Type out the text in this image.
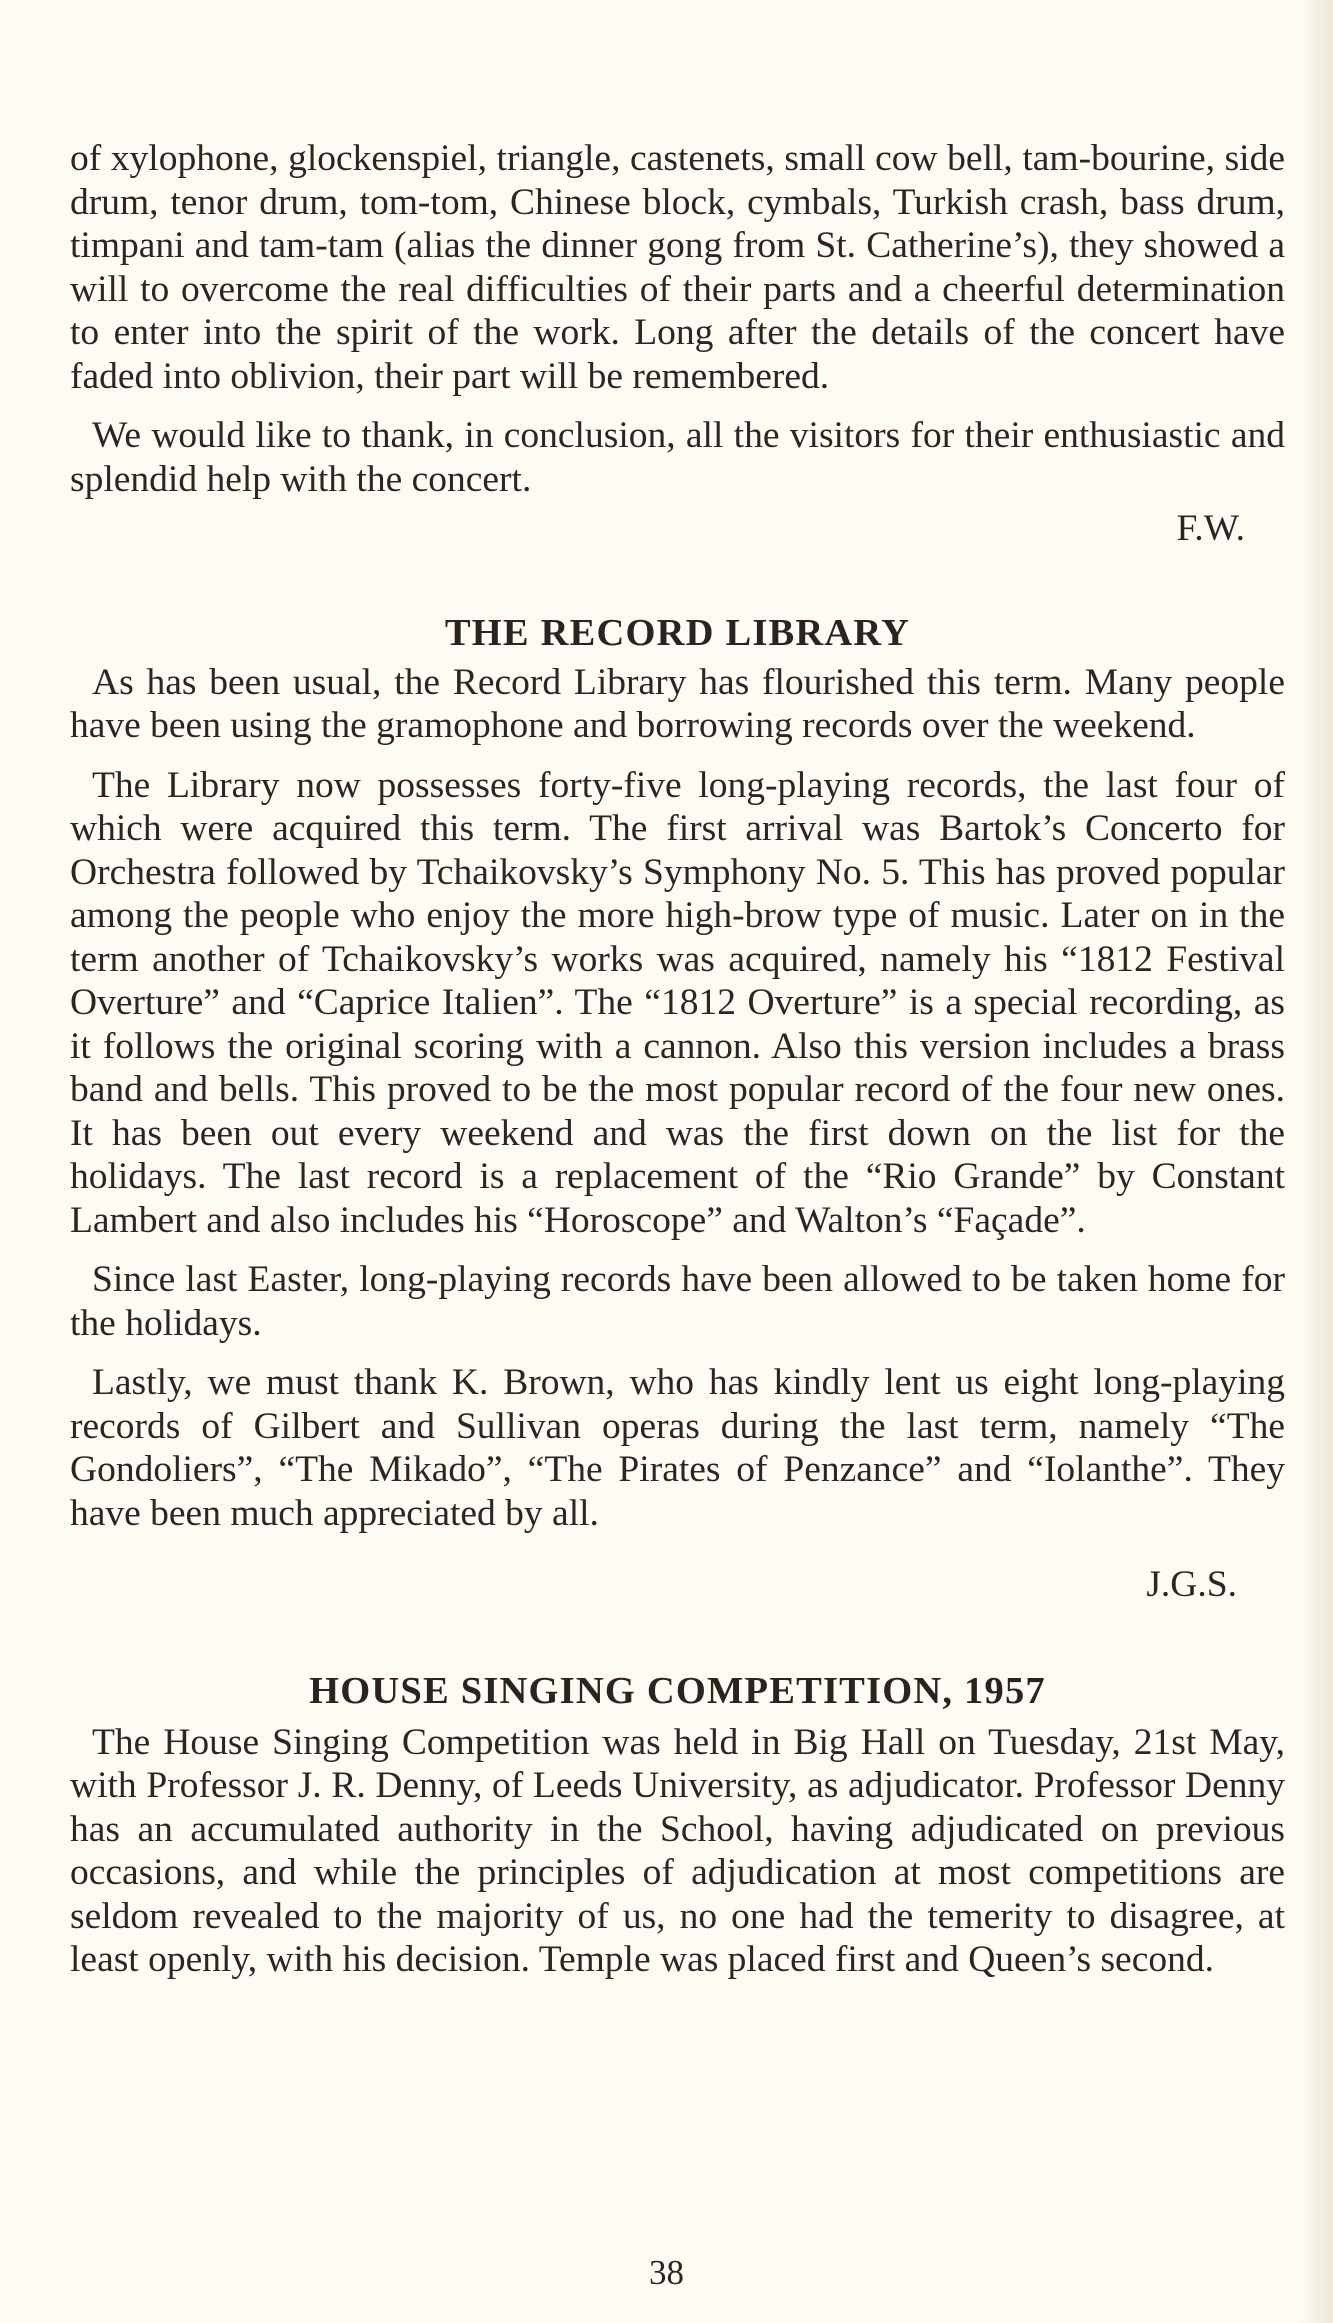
of xylophone, glockenspiel, triangle, castenets, small cow bell, tam-bourine, side drum, tenor drum, tom-tom, Chinese block, cymbals, Turkish crash, bass drum, timpani and tam-tam (alias the dinner gong from St. Catherine’s), they showed a will to overcome the real difficulties of their parts and a cheerful determination to enter into the spirit of the work. Long after the details of the concert have faded into oblivion, their part will be remembered.

We would like to thank, in conclusion, all the visitors for their enthusiastic and splendid help with the concert.

F.W.
THE RECORD LIBRARY

As has been usual, the Record Library has flourished this term. Many people have been using the gramophone and borrowing records over the weekend.

The Library now possesses forty-five long-playing records, the last four of which were acquired this term. The first arrival was Bartok’s Concerto for Orchestra followed by Tchaikovsky’s Symphony No. 5. This has proved popular among the people who enjoy the more high-brow type of music. Later on in the term another of Tchaikovsky’s works was acquired, namely his “1812 Festival Overture” and “Caprice Italien”. The “1812 Overture” is a special recording, as it follows the original scoring with a cannon. Also this version includes a brass band and bells. This proved to be the most popular record of the four new ones. It has been out every weekend and was the first down on the list for the holidays. The last record is a replacement of the “Rio Grande” by Constant Lambert and also includes his “Horoscope” and Walton’s “Façade”.

Since last Easter, long-playing records have been allowed to be taken home for the holidays.

Lastly, we must thank K. Brown, who has kindly lent us eight long-playing records of Gilbert and Sullivan operas during the last term, namely “The Gondoliers”, “The Mikado”, “The Pirates of Penzance” and “Iolanthe”. They have been much appreciated by all.

J.G.S.
HOUSE SINGING COMPETITION, 1957

The House Singing Competition was held in Big Hall on Tuesday, 21st May, with Professor J. R. Denny, of Leeds University, as adjudicator. Professor Denny has an accumulated authority in the School, having adjudicated on previous occasions, and while the principles of adjudication at most competitions are seldom revealed to the majority of us, no one had the temerity to disagree, at least openly, with his decision. Temple was placed first and Queen’s second.

38
